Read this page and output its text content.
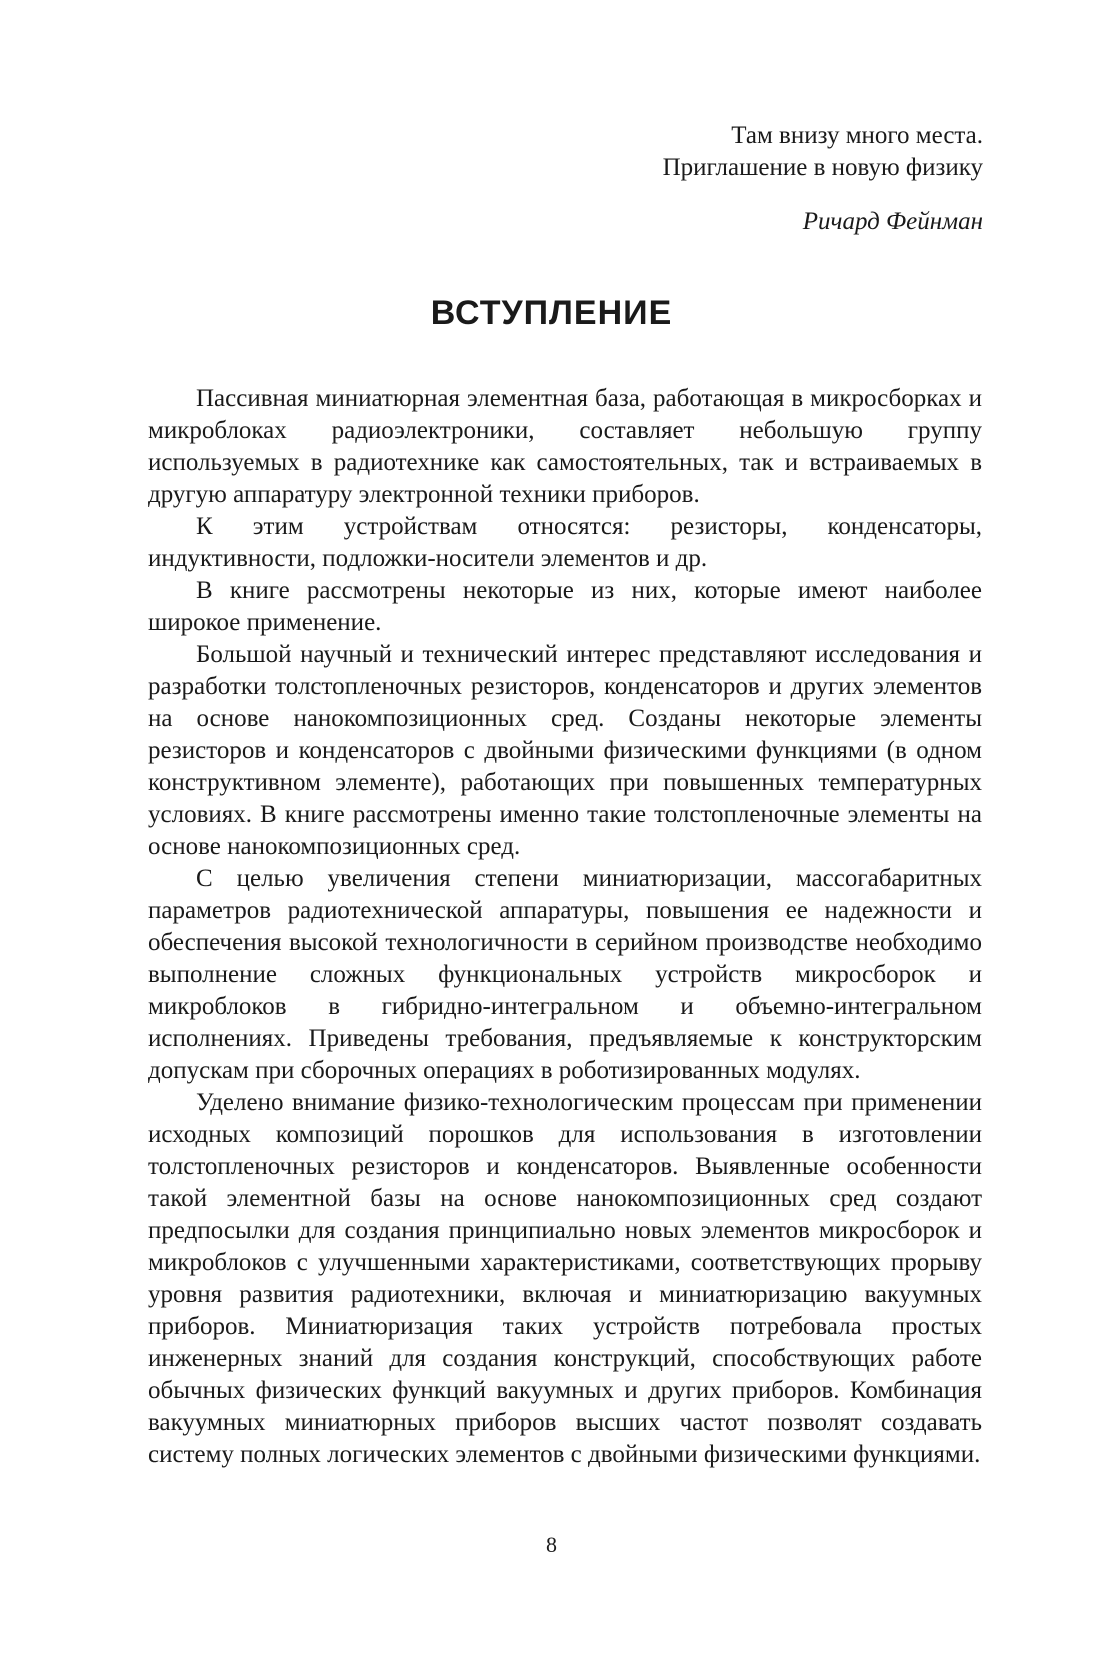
Там внизу много места.
Приглашение в новую физику
Ричард Фейнман
ВСТУПЛЕНИЕ

Пассивная миниатюрная элементная база, работающая в микросборках и микроблоках радиоэлектроники, составляет небольшую группу используемых в радиотехнике как самостоятельных, так и встраиваемых в другую аппаратуру электронной техники приборов.

К этим устройствам относятся: резисторы, конденсаторы, индуктивности, подложки-носители элементов и др.

В книге рассмотрены некоторые из них, которые имеют наиболее широкое применение.

Большой научный и технический интерес представляют исследования и разработки толстопленочных резисторов, конденсаторов и других элементов на основе нанокомпозиционных сред. Созданы некоторые элементы резисторов и конденсаторов с двойными физическими функциями (в одном конструктивном элементе), работающих при повышенных температурных условиях. В книге рассмотрены именно такие толстопленочные элементы на основе нанокомпозиционных сред.

С целью увеличения степени миниатюризации, массогабаритных параметров радиотехнической аппаратуры, повышения ее надежности и обеспечения высокой технологичности в серийном производстве необходимо выполнение сложных функциональных устройств микросборок и микроблоков в гибридно-интегральном и объемно-интегральном исполнениях. Приведены требования, предъявляемые к конструкторским допускам при сборочных операциях в роботизированных модулях.

Уделено внимание физико-технологическим процессам при применении исходных композиций порошков для использования в изготовлении толстопленочных резисторов и конденсаторов. Выявленные особенности такой элементной базы на основе нанокомпозиционных сред создают предпосылки для создания принципиально новых элементов микросборок и микроблоков с улучшенными характеристиками, соответствующих прорыву уровня развития радиотехники, включая и миниатюризацию вакуумных приборов. Миниатюризация таких устройств потребовала простых инженерных знаний для создания конструкций, способствующих работе обычных физических функций вакуумных и других приборов. Комбинация вакуумных миниатюрных приборов высших частот позволят создавать систему полных логических элементов с двойными физическими функциями.

8
